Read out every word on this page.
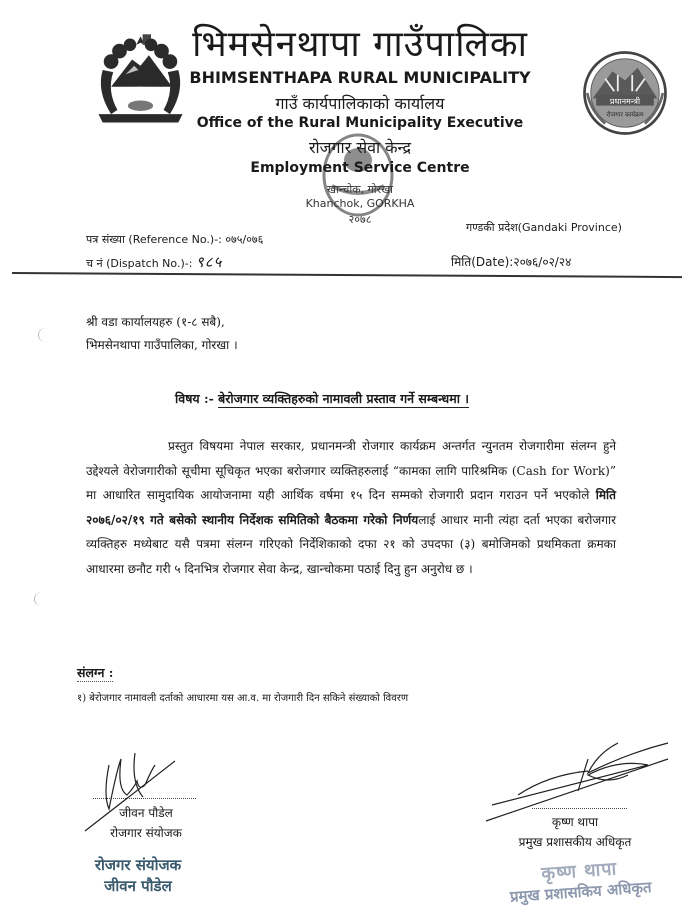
प्रधानमन्त्री
रोजगार कार्यक्रम
भिमसेनथापा गाउँपालिका
BHIMSENTHAPA RURAL MUNICIPALITY
गाउँ कार्यपालिकाको कार्यालय
Office of the Rural Municipality Executive
रोजगार सेवा केन्द्र
Employment Service Centre
खान्चोक, गोरखा
Khanchok, GORKHA
२०७८
गण्डकी प्रदेश(Gandaki Province)
पत्र संख्या (Reference No.)-: ०७५/०७६
च नं (Dispatch No.)-: ९८५	मिति(Date):२०७६/०२/२४
श्री वडा कार्यालयहरु (१-८ सबै),
भिमसेनथापा गाउँपालिका, गोरखा ।
विषय :- बेरोजगार व्यक्तिहरुको नामावली प्रस्ताव गर्ने सम्बन्धमा ।
प्रस्तुत विषयमा नेपाल सरकार, प्रधानमन्त्री रोजगार कार्यक्रम अन्तर्गत न्युनतम रोजगारीमा संलग्न हुने उद्देश्यले वेरोजगारीको सूचीमा सूचिकृत भएका बरोजगार व्यक्तिहरुलाई “कामका लागि पारिश्रमिक (Cash for Work)” मा आधारित सामुदायिक आयोजनामा यही आर्थिक वर्षमा १५ दिन सम्मको रोजगारी प्रदान गराउन पर्ने भएकोले मिति २०७६/०२/१९ गते बसेको स्थानीय निर्देशक समितिको बैठकमा गरेको निर्णयलाई आधार मानी त्यंहा दर्ता भएका बरोजगार व्यक्तिहरु मध्येबाट यसै पत्रमा संलग्न गरिएको निर्देशिकाको दफा २१ को उपदफा (३) बमोजिमको प्रथमिकता क्रमका आधारमा छनौट गरी ५ दिनभित्र रोजगार सेवा केन्द्र, खान्चोकमा पठाई दिनु हुन अनुरोध छ ।
संलग्न :
१) बेरोजगार नामावली दर्ताको आधारमा यस आ.व. मा रोजगारी दिन सकिने संख्याको विवरण
जीवन पौडेल
रोजगार संयोजक
रोजगर संयोजक
जीवन पौडेल
कृष्ण थापा
प्रमुख प्रशासकीय अधिकृत
कृष्ण थापा
प्रमुख प्रशासकिय अधिकृत
